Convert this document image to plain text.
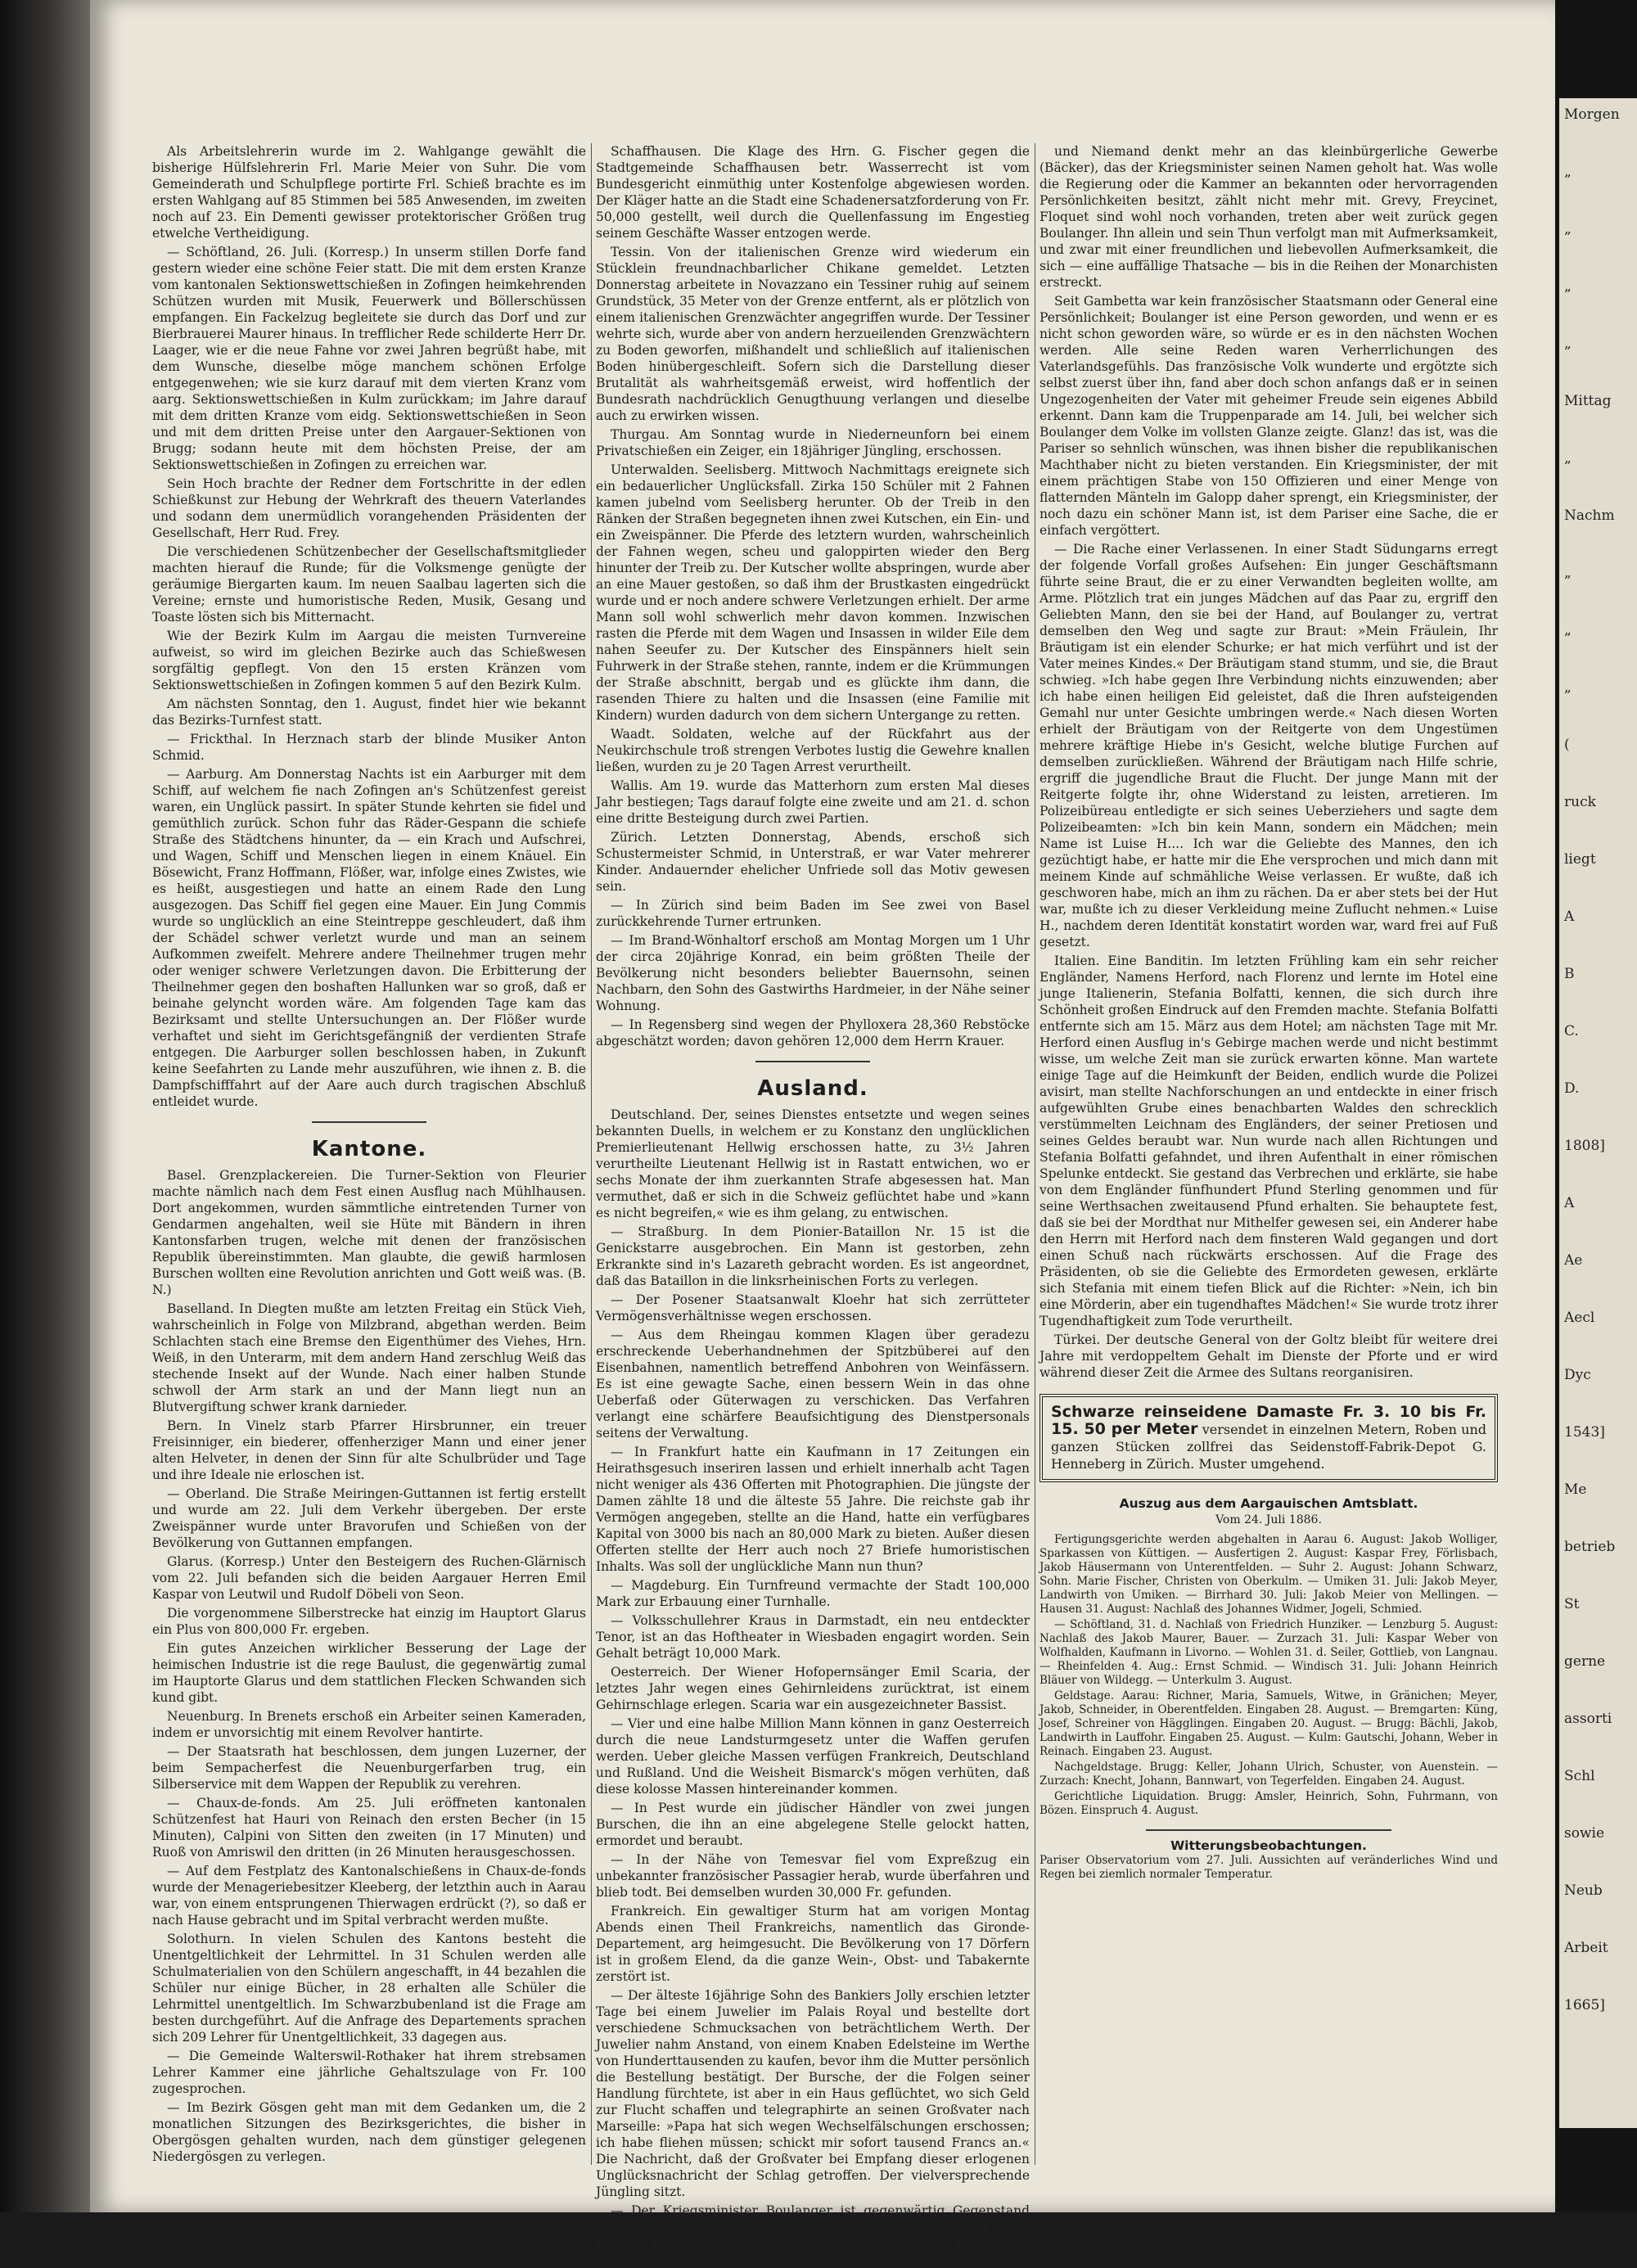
Morgen
„
„
„
„
Mittag
„
Nachm
„
„
„
(
ruck
liegt
A
B
C.
D.
1808]
A
Ae
Aecl
Dyc
1543]
Me
betrieb
St
gerne
assorti
Schl
sowie
Neub
Arbeit
1665]

Als Arbeitslehrerin wurde im 2. Wahlgange gewählt die bisherige Hülfslehrerin Frl. Marie Meier von Suhr. Die vom Gemeinderath und Schulpflege portirte Frl. Schieß brachte es im ersten Wahlgang auf 85 Stimmen bei 585 Anwesenden, im zweiten noch auf 23. Ein Dementi gewisser protektorischer Größen trug etwelche Vertheidigung.

— Schöftland, 26. Juli. (Korresp.) In unserm stillen Dorfe fand gestern wieder eine schöne Feier statt. Die mit dem ersten Kranze vom kantonalen Sektionswettschießen in Zofingen heimkehrenden Schützen wurden mit Musik, Feuerwerk und Böllerschüssen empfangen. Ein Fackelzug begleitete sie durch das Dorf und zur Bierbrauerei Maurer hinaus. In trefflicher Rede schilderte Herr Dr. Laager, wie er die neue Fahne vor zwei Jahren begrüßt habe, mit dem Wunsche, dieselbe möge manchem schönen Erfolge entgegenwehen; wie sie kurz darauf mit dem vierten Kranz vom aarg. Sektionswettschießen in Kulm zurückkam; im Jahre darauf mit dem dritten Kranze vom eidg. Sektionswettschießen in Seon und mit dem dritten Preise unter den Aargauer-Sektionen von Brugg; sodann heute mit dem höchsten Preise, der am Sektionswettschießen in Zofingen zu erreichen war.

Sein Hoch brachte der Redner dem Fortschritte in der edlen Schießkunst zur Hebung der Wehrkraft des theuern Vaterlandes und sodann dem unermüdlich vorangehenden Präsidenten der Gesellschaft, Herr Rud. Frey.

Die verschiedenen Schützenbecher der Gesellschaftsmitglieder machten hierauf die Runde; für die Volksmenge genügte der geräumige Biergarten kaum. Im neuen Saalbau lagerten sich die Vereine; ernste und humoristische Reden, Musik, Gesang und Toaste lösten sich bis Mitternacht.

Wie der Bezirk Kulm im Aargau die meisten Turnvereine aufweist, so wird im gleichen Bezirke auch das Schießwesen sorgfältig gepflegt. Von den 15 ersten Kränzen vom Sektionswettschießen in Zofingen kommen 5 auf den Bezirk Kulm.

Am nächsten Sonntag, den 1. August, findet hier wie bekannt das Bezirks-Turnfest statt.

— Frickthal. In Herznach starb der blinde Musiker Anton Schmid.

— Aarburg. Am Donnerstag Nachts ist ein Aarburger mit dem Schiff, auf welchem fie nach Zofingen an's Schützenfest gereist waren, ein Unglück passirt. In später Stunde kehrten sie fidel und gemüthlich zurück. Schon fuhr das Räder-Gespann die schiefe Straße des Städtchens hinunter, da — ein Krach und Aufschrei, und Wagen, Schiff und Menschen liegen in einem Knäuel. Ein Bösewicht, Franz Hoffmann, Flößer, war, infolge eines Zwistes, wie es heißt, ausgestiegen und hatte an einem Rade den Lung ausgezogen. Das Schiff fiel gegen eine Mauer. Ein Jung Commis wurde so unglücklich an eine Steintreppe geschleudert, daß ihm der Schädel schwer verletzt wurde und man an seinem Aufkommen zweifelt. Mehrere andere Theilnehmer trugen mehr oder weniger schwere Verletzungen davon. Die Erbitterung der Theilnehmer gegen den boshaften Hallunken war so groß, daß er beinahe gelyncht worden wäre. Am folgenden Tage kam das Bezirksamt und stellte Untersuchungen an. Der Flößer wurde verhaftet und sieht im Gerichtsgefängniß der verdienten Strafe entgegen. Die Aarburger sollen beschlossen haben, in Zukunft keine Seefahrten zu Lande mehr auszuführen, wie ihnen z. B. die Dampfschifffahrt auf der Aare auch durch tragischen Abschluß entleidet wurde.

Kantone.

Basel. Grenzplackereien. Die Turner-Sektion von Fleurier machte nämlich nach dem Fest einen Ausflug nach Mühlhausen. Dort angekommen, wurden sämmtliche eintretenden Turner von Gendarmen angehalten, weil sie Hüte mit Bändern in ihren Kantonsfarben trugen, welche mit denen der französischen Republik übereinstimmten. Man glaubte, die gewiß harmlosen Burschen wollten eine Revolution anrichten und Gott weiß was. (B. N.)

Baselland. In Diegten mußte am letzten Freitag ein Stück Vieh, wahrscheinlich in Folge von Milzbrand, abgethan werden. Beim Schlachten stach eine Bremse den Eigenthümer des Viehes, Hrn. Weiß, in den Unterarm, mit dem andern Hand zerschlug Weiß das stechende Insekt auf der Wunde. Nach einer halben Stunde schwoll der Arm stark an und der Mann liegt nun an Blutvergiftung schwer krank darnieder.

Bern. In Vinelz starb Pfarrer Hirsbrunner, ein treuer Freisinniger, ein biederer, offenherziger Mann und einer jener alten Helveter, in denen der Sinn für alte Schulbrüder und Tage und ihre Ideale nie erloschen ist.

— Oberland. Die Straße Meiringen-Guttannen ist fertig erstellt und wurde am 22. Juli dem Verkehr übergeben. Der erste Zweispänner wurde unter Bravorufen und Schießen von der Bevölkerung von Guttannen empfangen.

Glarus. (Korresp.) Unter den Besteigern des Ruchen-Glärnisch vom 22. Juli befanden sich die beiden Aargauer Herren Emil Kaspar von Leutwil und Rudolf Döbeli von Seon.

Die vorgenommene Silberstrecke hat einzig im Hauptort Glarus ein Plus von 800,000 Fr. ergeben.

Ein gutes Anzeichen wirklicher Besserung der Lage der heimischen Industrie ist die rege Baulust, die gegenwärtig zumal im Hauptorte Glarus und dem stattlichen Flecken Schwanden sich kund gibt.

Neuenburg. In Brenets erschoß ein Arbeiter seinen Kameraden, indem er unvorsichtig mit einem Revolver hantirte.

— Der Staatsrath hat beschlossen, dem jungen Luzerner, der beim Sempacherfest die Neuenburgerfarben trug, ein Silberservice mit dem Wappen der Republik zu verehren.

— Chaux-de-fonds. Am 25. Juli eröffneten kantonalen Schützenfest hat Hauri von Reinach den ersten Becher (in 15 Minuten), Calpini von Sitten den zweiten (in 17 Minuten) und Ruoß von Amriswil den dritten (in 26 Minuten herausgeschossen.

— Auf dem Festplatz des Kantonalschießens in Chaux-de-fonds wurde der Menageriebesitzer Kleeberg, der letzthin auch in Aarau war, von einem entsprungenen Thierwagen erdrückt (?), so daß er nach Hause gebracht und im Spital verbracht werden mußte.

Solothurn. In vielen Schulen des Kantons besteht die Unentgeltlichkeit der Lehrmittel. In 31 Schulen werden alle Schulmaterialien von den Schülern angeschafft, in 44 bezahlen die Schüler nur einige Bücher, in 28 erhalten alle Schüler die Lehrmittel unentgeltlich. Im Schwarzbubenland ist die Frage am besten durchgeführt. Auf die Anfrage des Departements sprachen sich 209 Lehrer für Unentgeltlichkeit, 33 dagegen aus.

— Die Gemeinde Walterswil-Rothaker hat ihrem strebsamen Lehrer Kammer eine jährliche Gehaltszulage von Fr. 100 zugesprochen.

— Im Bezirk Gösgen geht man mit dem Gedanken um, die 2 monatlichen Sitzungen des Bezirksgerichtes, die bisher in Obergösgen gehalten wurden, nach dem günstiger gelegenen Niedergösgen zu verlegen.

Schaffhausen. Die Klage des Hrn. G. Fischer gegen die Stadtgemeinde Schaffhausen betr. Wasserrecht ist vom Bundesgericht einmüthig unter Kostenfolge abgewiesen worden. Der Kläger hatte an die Stadt eine Schadenersatzforderung von Fr. 50,000 gestellt, weil durch die Quellenfassung im Engestieg seinem Geschäfte Wasser entzogen werde.

Tessin. Von der italienischen Grenze wird wiederum ein Stücklein freundnachbarlicher Chikane gemeldet. Letzten Donnerstag arbeitete in Novazzano ein Tessiner ruhig auf seinem Grundstück, 35 Meter von der Grenze entfernt, als er plötzlich von einem italienischen Grenzwächter angegriffen wurde. Der Tessiner wehrte sich, wurde aber von andern herzueilenden Grenzwächtern zu Boden geworfen, mißhandelt und schließlich auf italienischen Boden hinübergeschleift. Sofern sich die Darstellung dieser Brutalität als wahrheitsgemäß erweist, wird hoffentlich der Bundesrath nachdrücklich Genugthuung verlangen und dieselbe auch zu erwirken wissen.

Thurgau. Am Sonntag wurde in Niederneunforn bei einem Privatschießen ein Zeiger, ein 18jähriger Jüngling, erschossen.

Unterwalden. Seelisberg. Mittwoch Nachmittags ereignete sich ein bedauerlicher Unglücksfall. Zirka 150 Schüler mit 2 Fahnen kamen jubelnd vom Seelisberg herunter. Ob der Treib in den Ränken der Straßen begegneten ihnen zwei Kutschen, ein Ein- und ein Zweispänner. Die Pferde des letztern wurden, wahrscheinlich der Fahnen wegen, scheu und galoppirten wieder den Berg hinunter der Treib zu. Der Kutscher wollte abspringen, wurde aber an eine Mauer gestoßen, so daß ihm der Brustkasten eingedrückt wurde und er noch andere schwere Verletzungen erhielt. Der arme Mann soll wohl schwerlich mehr davon kommen. Inzwischen rasten die Pferde mit dem Wagen und Insassen in wilder Eile dem nahen Seeufer zu. Der Kutscher des Einspänners hielt sein Fuhrwerk in der Straße stehen, rannte, indem er die Krümmungen der Straße abschnitt, bergab und es glückte ihm dann, die rasenden Thiere zu halten und die Insassen (eine Familie mit Kindern) wurden dadurch von dem sichern Untergange zu retten.

Waadt. Soldaten, welche auf der Rückfahrt aus der Neukirchschule troß strengen Verbotes lustig die Gewehre knallen ließen, wurden zu je 20 Tagen Arrest verurtheilt.

Wallis. Am 19. wurde das Matterhorn zum ersten Mal dieses Jahr bestiegen; Tags darauf folgte eine zweite und am 21. d. schon eine dritte Besteigung durch zwei Partien.

Zürich. Letzten Donnerstag, Abends, erschoß sich Schustermeister Schmid, in Unterstraß, er war Vater mehrerer Kinder. Andauernder ehelicher Unfriede soll das Motiv gewesen sein.

— In Zürich sind beim Baden im See zwei von Basel zurückkehrende Turner ertrunken.

— Im Brand-Wönhaltorf erschoß am Montag Morgen um 1 Uhr der circa 20jährige Konrad, ein beim größten Theile der Bevölkerung nicht besonders beliebter Bauernsohn, seinen Nachbarn, den Sohn des Gastwirths Hardmeier, in der Nähe seiner Wohnung.

— In Regensberg sind wegen der Phylloxera 28,360 Rebstöcke abgeschätzt worden; davon gehören 12,000 dem Herrn Krauer.

Ausland.

Deutschland. Der, seines Dienstes entsetzte und wegen seines bekannten Duells, in welchem er zu Konstanz den unglücklichen Premierlieutenant Hellwig erschossen hatte, zu 3½ Jahren verurtheilte Lieutenant Hellwig ist in Rastatt entwichen, wo er sechs Monate der ihm zuerkannten Strafe abgesessen hat. Man vermuthet, daß er sich in die Schweiz geflüchtet habe und »kann es nicht begreifen,« wie es ihm gelang, zu entwischen.

— Straßburg. In dem Pionier-Bataillon Nr. 15 ist die Genickstarre ausgebrochen. Ein Mann ist gestorben, zehn Erkrankte sind in's Lazareth gebracht worden. Es ist angeordnet, daß das Bataillon in die linksrheinischen Forts zu verlegen.

— Der Posener Staatsanwalt Kloehr hat sich zerrütteter Vermögensverhältnisse wegen erschossen.

— Aus dem Rheingau kommen Klagen über geradezu erschreckende Ueberhandnehmen der Spitzbüberei auf den Eisenbahnen, namentlich betreffend Anbohren von Weinfässern. Es ist eine gewagte Sache, einen bessern Wein in das ohne Ueberfaß oder Güterwagen zu verschicken. Das Verfahren verlangt eine schärfere Beaufsichtigung des Dienstpersonals seitens der Verwaltung.

— In Frankfurt hatte ein Kaufmann in 17 Zeitungen ein Heirathsgesuch inseriren lassen und erhielt innerhalb acht Tagen nicht weniger als 436 Offerten mit Photographien. Die jüngste der Damen zählte 18 und die älteste 55 Jahre. Die reichste gab ihr Vermögen angegeben, stellte an die Hand, hatte ein verfügbares Kapital von 3000 bis nach an 80,000 Mark zu bieten. Außer diesen Offerten stellte der Herr auch noch 27 Briefe humoristischen Inhalts. Was soll der unglückliche Mann nun thun?

— Magdeburg. Ein Turnfreund vermachte der Stadt 100,000 Mark zur Erbauung einer Turnhalle.

— Volksschullehrer Kraus in Darmstadt, ein neu entdeckter Tenor, ist an das Hoftheater in Wiesbaden engagirt worden. Sein Gehalt beträgt 10,000 Mark.

Oesterreich. Der Wiener Hofopernsänger Emil Scaria, der letztes Jahr wegen eines Gehirnleidens zurücktrat, ist einem Gehirnschlage erlegen. Scaria war ein ausgezeichneter Bassist.

— Vier und eine halbe Million Mann können in ganz Oesterreich durch die neue Landsturmgesetz unter die Waffen gerufen werden. Ueber gleiche Massen verfügen Frankreich, Deutschland und Rußland. Und die Weisheit Bismarck's mögen verhüten, daß diese kolosse Massen hintereinander kommen.

— In Pest wurde ein jüdischer Händler von zwei jungen Burschen, die ihn an eine abgelegene Stelle gelockt hatten, ermordet und beraubt.

— In der Nähe von Temesvar fiel vom Expreßzug ein unbekannter französischer Passagier herab, wurde überfahren und blieb todt. Bei demselben wurden 30,000 Fr. gefunden.

Frankreich. Ein gewaltiger Sturm hat am vorigen Montag Abends einen Theil Frankreichs, namentlich das Gironde-Departement, arg heimgesucht. Die Bevölkerung von 17 Dörfern ist in großem Elend, da die ganze Wein-, Obst- und Tabakernte zerstört ist.

— Der älteste 16jährige Sohn des Bankiers Jolly erschien letzter Tage bei einem Juwelier im Palais Royal und bestellte dort verschiedene Schmucksachen von beträchtlichem Werth. Der Juwelier nahm Anstand, von einem Knaben Edelsteine im Werthe von Hunderttausenden zu kaufen, bevor ihm die Mutter persönlich die Bestellung bestätigt. Der Bursche, der die Folgen seiner Handlung fürchtete, ist aber in ein Haus geflüchtet, wo sich Geld zur Flucht schaffen und telegraphirte an seinen Großvater nach Marseille: »Papa hat sich wegen Wechselfälschungen erschossen; ich habe fliehen müssen; schickt mir sofort tausend Francs an.« Die Nachricht, daß der Großvater bei Empfang dieser erlogenen Unglücksnachricht der Schlag getroffen. Der vielversprechende Jüngling sitzt.

— Der Kriegsminister Boulanger ist gegenwärtig Gegenstand der allgemeinen Aufmerksamkeit. Der Name, welcher dieser Mann für das französische Volk etwas Anstoßendes hatte, ist in aller Mund

und Niemand denkt mehr an das kleinbürgerliche Gewerbe (Bäcker), das der Kriegsminister seinen Namen geholt hat. Was wolle die Regierung oder die Kammer an bekannten oder hervorragenden Persönlichkeiten besitzt, zählt nicht mehr mit. Grevy, Freycinet, Floquet sind wohl noch vorhanden, treten aber weit zurück gegen Boulanger. Ihn allein und sein Thun verfolgt man mit Aufmerksamkeit, und zwar mit einer freundlichen und liebevollen Aufmerksamkeit, die sich — eine auffällige Thatsache — bis in die Reihen der Monarchisten erstreckt.

Seit Gambetta war kein französischer Staatsmann oder General eine Persönlichkeit; Boulanger ist eine Person geworden, und wenn er es nicht schon geworden wäre, so würde er es in den nächsten Wochen werden. Alle seine Reden waren Verherrlichungen des Vaterlandsgefühls. Das französische Volk wunderte und ergötzte sich selbst zuerst über ihn, fand aber doch schon anfangs daß er in seinen Ungezogenheiten der Vater mit geheimer Freude sein eigenes Abbild erkennt. Dann kam die Truppenparade am 14. Juli, bei welcher sich Boulanger dem Volke im vollsten Glanze zeigte. Glanz! das ist, was die Pariser so sehnlich wünschen, was ihnen bisher die republikanischen Machthaber nicht zu bieten verstanden. Ein Kriegsminister, der mit einem prächtigen Stabe von 150 Offizieren und einer Menge von flatternden Mänteln im Galopp daher sprengt, ein Kriegsminister, der noch dazu ein schöner Mann ist, ist dem Pariser eine Sache, die er einfach vergöttert.

— Die Rache einer Verlassenen. In einer Stadt Südungarns erregt der folgende Vorfall großes Aufsehen: Ein junger Geschäftsmann führte seine Braut, die er zu einer Verwandten begleiten wollte, am Arme. Plötzlich trat ein junges Mädchen auf das Paar zu, ergriff den Geliebten Mann, den sie bei der Hand, auf Boulanger zu, vertrat demselben den Weg und sagte zur Braut: »Mein Fräulein, Ihr Bräutigam ist ein elender Schurke; er hat mich verführt und ist der Vater meines Kindes.« Der Bräutigam stand stumm, und sie, die Braut schwieg. »Ich habe gegen Ihre Verbindung nichts einzuwenden; aber ich habe einen heiligen Eid geleistet, daß die Ihren aufsteigenden Gemahl nur unter Gesichte umbringen werde.« Nach diesen Worten erhielt der Bräutigam von der Reitgerte von dem Ungestümen mehrere kräftige Hiebe in's Gesicht, welche blutige Furchen auf demselben zurückließen. Während der Bräutigam nach Hilfe schrie, ergriff die jugendliche Braut die Flucht. Der junge Mann mit der Reitgerte folgte ihr, ohne Widerstand zu leisten, arretieren. Im Polizeibüreau entledigte er sich seines Ueberziehers und sagte dem Polizeibeamten: »Ich bin kein Mann, sondern ein Mädchen; mein Name ist Luise H.... Ich war die Geliebte des Mannes, den ich gezüchtigt habe, er hatte mir die Ehe versprochen und mich dann mit meinem Kinde auf schmähliche Weise verlassen. Er wußte, daß ich geschworen habe, mich an ihm zu rächen. Da er aber stets bei der Hut war, mußte ich zu dieser Verkleidung meine Zuflucht nehmen.« Luise H., nachdem deren Identität konstatirt worden war, ward frei auf Fuß gesetzt.

Italien. Eine Banditin. Im letzten Frühling kam ein sehr reicher Engländer, Namens Herford, nach Florenz und lernte im Hotel eine junge Italienerin, Stefania Bolfatti, kennen, die sich durch ihre Schönheit großen Eindruck auf den Fremden machte. Stefania Bolfatti entfernte sich am 15. März aus dem Hotel; am nächsten Tage mit Mr. Herford einen Ausflug in's Gebirge machen werde und nicht bestimmt wisse, um welche Zeit man sie zurück erwarten könne. Man wartete einige Tage auf die Heimkunft der Beiden, endlich wurde die Polizei avisirt, man stellte Nachforschungen an und entdeckte in einer frisch aufgewühlten Grube eines benachbarten Waldes den schrecklich verstümmelten Leichnam des Engländers, der seiner Pretiosen und seines Geldes beraubt war. Nun wurde nach allen Richtungen und Stefania Bolfatti gefahndet, und ihren Aufenthalt in einer römischen Spelunke entdeckt. Sie gestand das Verbrechen und erklärte, sie habe von dem Engländer fünfhundert Pfund Sterling genommen und für seine Werthsachen zweitausend Pfund erhalten. Sie behauptete fest, daß sie bei der Mordthat nur Mithelfer gewesen sei, ein Anderer habe den Herrn mit Herford nach dem finsteren Wald gegangen und dort einen Schuß nach rückwärts erschossen. Auf die Frage des Präsidenten, ob sie die Geliebte des Ermordeten gewesen, erklärte sich Stefania mit einem tiefen Blick auf die Richter: »Nein, ich bin eine Mörderin, aber ein tugendhaftes Mädchen!« Sie wurde trotz ihrer Tugendhaftigkeit zum Tode verurtheilt.

Türkei. Der deutsche General von der Goltz bleibt für weitere drei Jahre mit verdoppeltem Gehalt im Dienste der Pforte und er wird während dieser Zeit die Armee des Sultans reorganisiren.

Schwarze reinseidene Damaste Fr. 3. 10 bis Fr. 15. 50 per Meter versendet in einzelnen Metern, Roben und ganzen Stücken zollfrei das Seidenstoff-Fabrik-Depot G. Henneberg in Zürich. Muster umgehend.
Auszug aus dem Aargauischen Amtsblatt.
Vom 24. Juli 1886.

Fertigungsgerichte werden abgehalten in Aarau 6. August: Jakob Wolliger, Sparkassen von Küttigen. — Ausfertigen 2. August: Kaspar Frey, Förlisbach, Jakob Häusermann von Unterentfelden. — Suhr 2. August: Johann Schwarz, Sohn. Marie Fischer, Christen von Oberkulm. — Umiken 31. Juli: Jakob Meyer, Landwirth von Umiken. — Birrhard 30. Juli: Jakob Meier von Mellingen. — Hausen 31. August: Nachlaß des Johannes Widmer, Jogeli, Schmied.

— Schöftland, 31. d. Nachlaß von Friedrich Hunziker. — Lenzburg 5. August: Nachlaß des Jakob Maurer, Bauer. — Zurzach 31. Juli: Kaspar Weber von Wolfhalden, Kaufmann in Livorno. — Wohlen 31. d. Seiler, Gottlieb, von Langnau. — Rheinfelden 4. Aug.: Ernst Schmid. — Windisch 31. Juli: Johann Heinrich Bläuer von Wildegg. — Unterkulm 3. August.

Geldstage. Aarau: Richner, Maria, Samuels, Witwe, in Gränichen; Meyer, Jakob, Schneider, in Oberentfelden. Eingaben 28. August. — Bremgarten: Küng, Josef, Schreiner von Hägglingen. Eingaben 20. August. — Brugg: Bächli, Jakob, Landwirth in Lauffohr. Eingaben 25. August. — Kulm: Gautschi, Johann, Weber in Reinach. Eingaben 23. August.

Nachgeldstage. Brugg: Keller, Johann Ulrich, Schuster, von Auenstein. — Zurzach: Knecht, Johann, Bannwart, von Tegerfelden. Eingaben 24. August.

Gerichtliche Liquidation. Brugg: Amsler, Heinrich, Sohn, Fuhrmann, von Bözen. Einspruch 4. August.

Witterungsbeobachtungen.
Pariser Observatorium vom 27. Juli. Aussichten auf veränderliches Wind und Regen bei ziemlich normaler Temperatur.
